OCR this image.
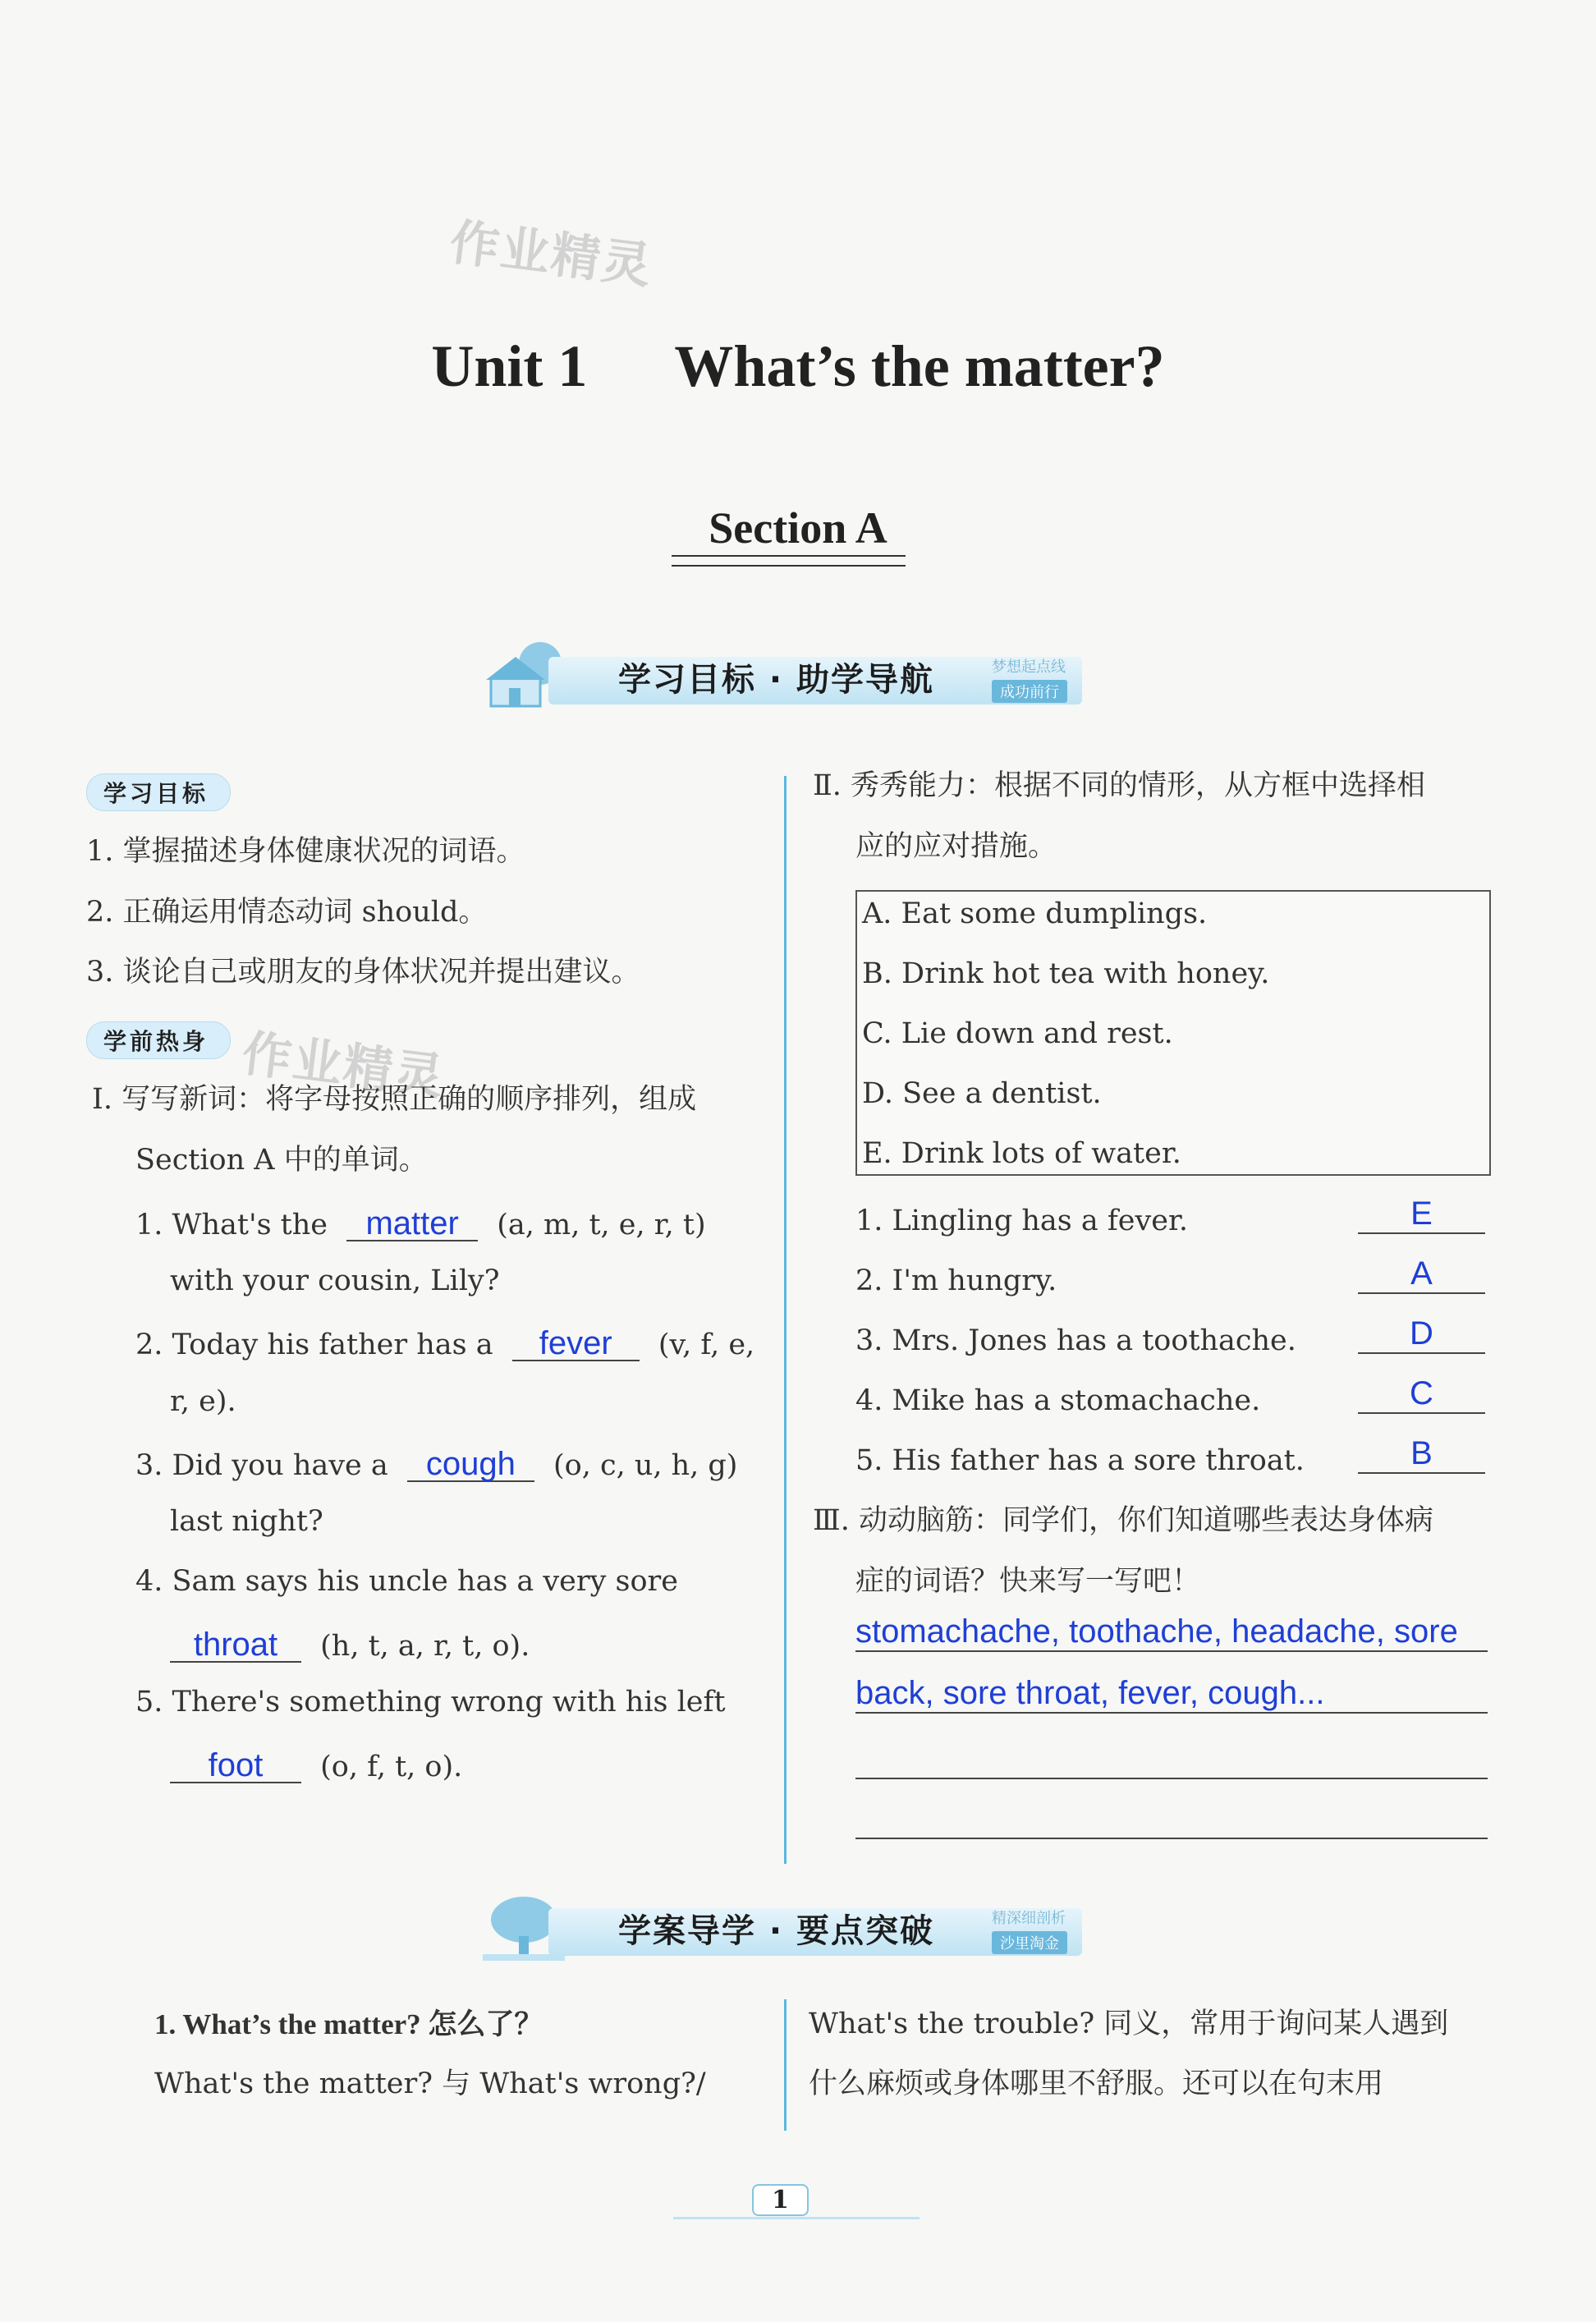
作业精灵
作业精灵
Unit 1 What’s the matter?
Section A
学习目标 · 助学导航	梦想起点线
成功前行
学习目标
1. 掌握描述身体健康状况的词语。
2. 正确运用情态动词 should。
3. 谈论自己或朋友的身体状况并提出建议。
学前热身
Ⅰ. 写写新词：将字母按照正确的顺序排列，组成
Section A 中的单词。
1. What's the matter (a, m, t, e, r, t)
with your cousin, Lily?
2. Today his father has a fever (v, f, e,
r, e).
3. Did you have a cough (o, c, u, h, g)
last night?
4. Sam says his uncle has a very sore
throat (h, t, a, r, t, o).
5. There's something wrong with his left
foot (o, f, t, o).
Ⅱ. 秀秀能力：根据不同的情形，从方框中选择相
应的应对措施。
A. Eat some dumplings.
B. Drink hot tea with honey.
C. Lie down and rest.
D. See a dentist.
E. Drink lots of water.
1. Lingling has a fever.	E
2. I'm hungry.	A
3. Mrs. Jones has a toothache.	D
4. Mike has a stomachache.	C
5. His father has a sore throat.	B
Ⅲ. 动动脑筋：同学们，你们知道哪些表达身体病
症的词语？快来写一写吧！
stomachache, toothache, headache, sore
back, sore throat, fever, cough...
学案导学 · 要点突破	精深细剖析
沙里淘金
1. What’s the matter? 怎么了？
What's the matter? 与 What's wrong?/
What's the trouble? 同义，常用于询问某人遇到
什么麻烦或身体哪里不舒服。还可以在句末用
1
